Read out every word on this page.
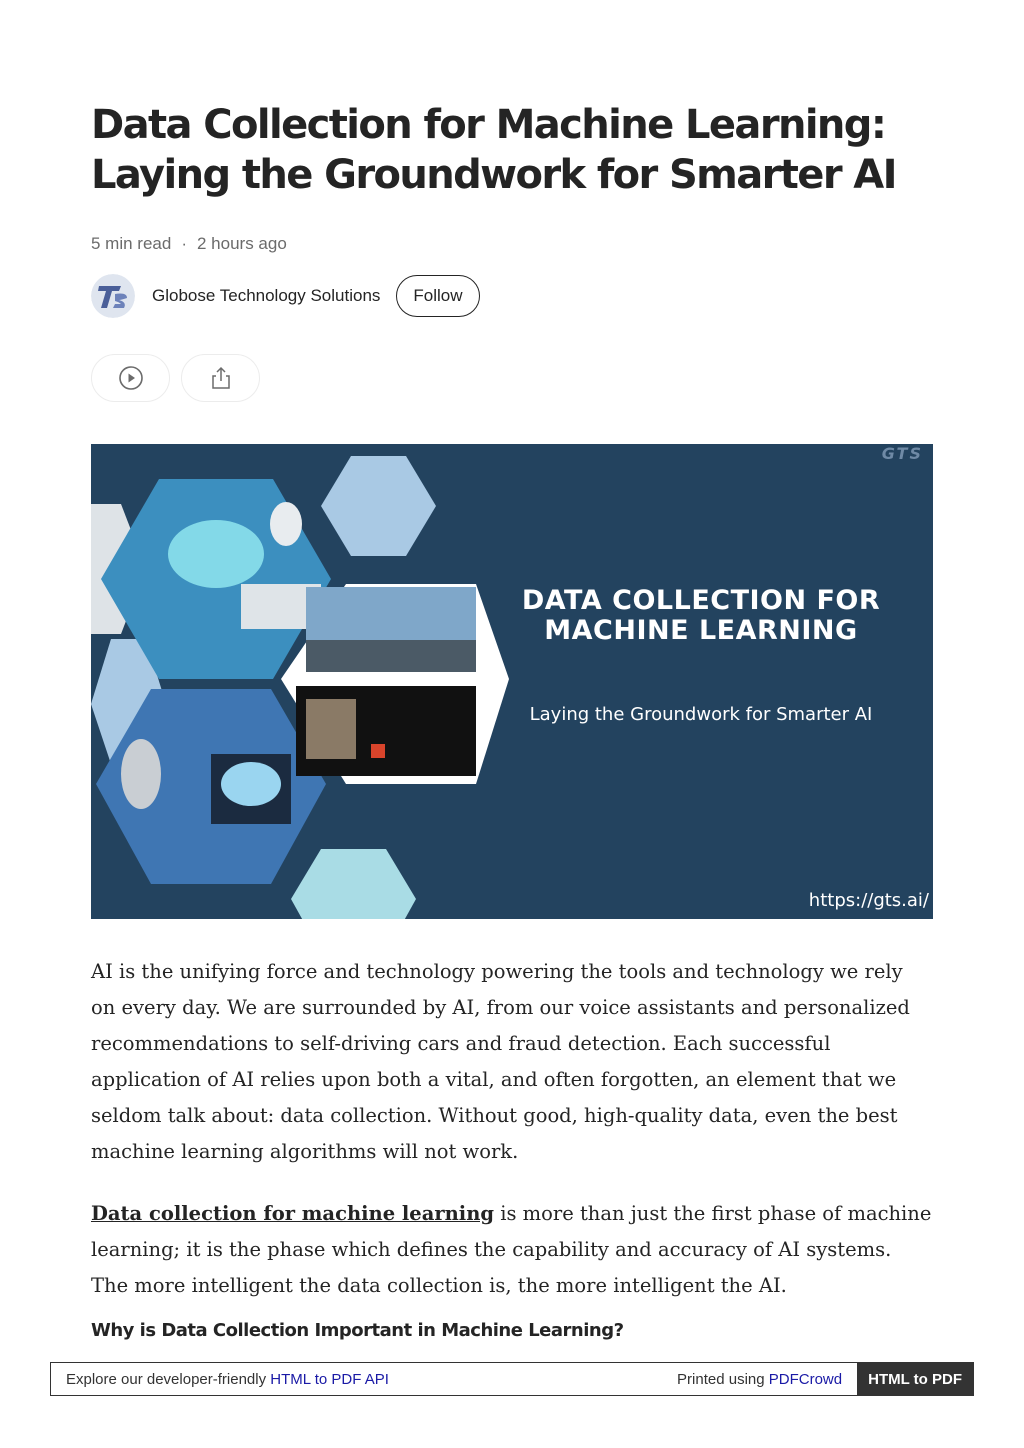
Data Collection for Machine Learning: Laying the Groundwork for Smarter AI
5 min read · 2 hours ago
Globose Technology Solutions	Follow
GTS
DATA COLLECTION FOR MACHINE LEARNING
Laying the Groundwork for Smarter AI
https://gts.ai/

AI is the unifying force and technology powering the tools and technology we rely on every day. We are surrounded by AI, from our voice assistants and personalized recommendations to self-driving cars and fraud detection. Each successful application of AI relies upon both a vital, and often forgotten, an element that we seldom talk about: data collection. Without good, high-quality data, even the best machine learning algorithms will not work.

Data collection for machine learning is more than just the first phase of machine learning; it is the phase which defines the capability and accuracy of AI systems. The more intelligent the data collection is, the more intelligent the AI.

Why is Data Collection Important in Machine Learning?
Explore our developer-friendly HTML to PDF API	Printed using PDFCrowd	HTML to PDF
